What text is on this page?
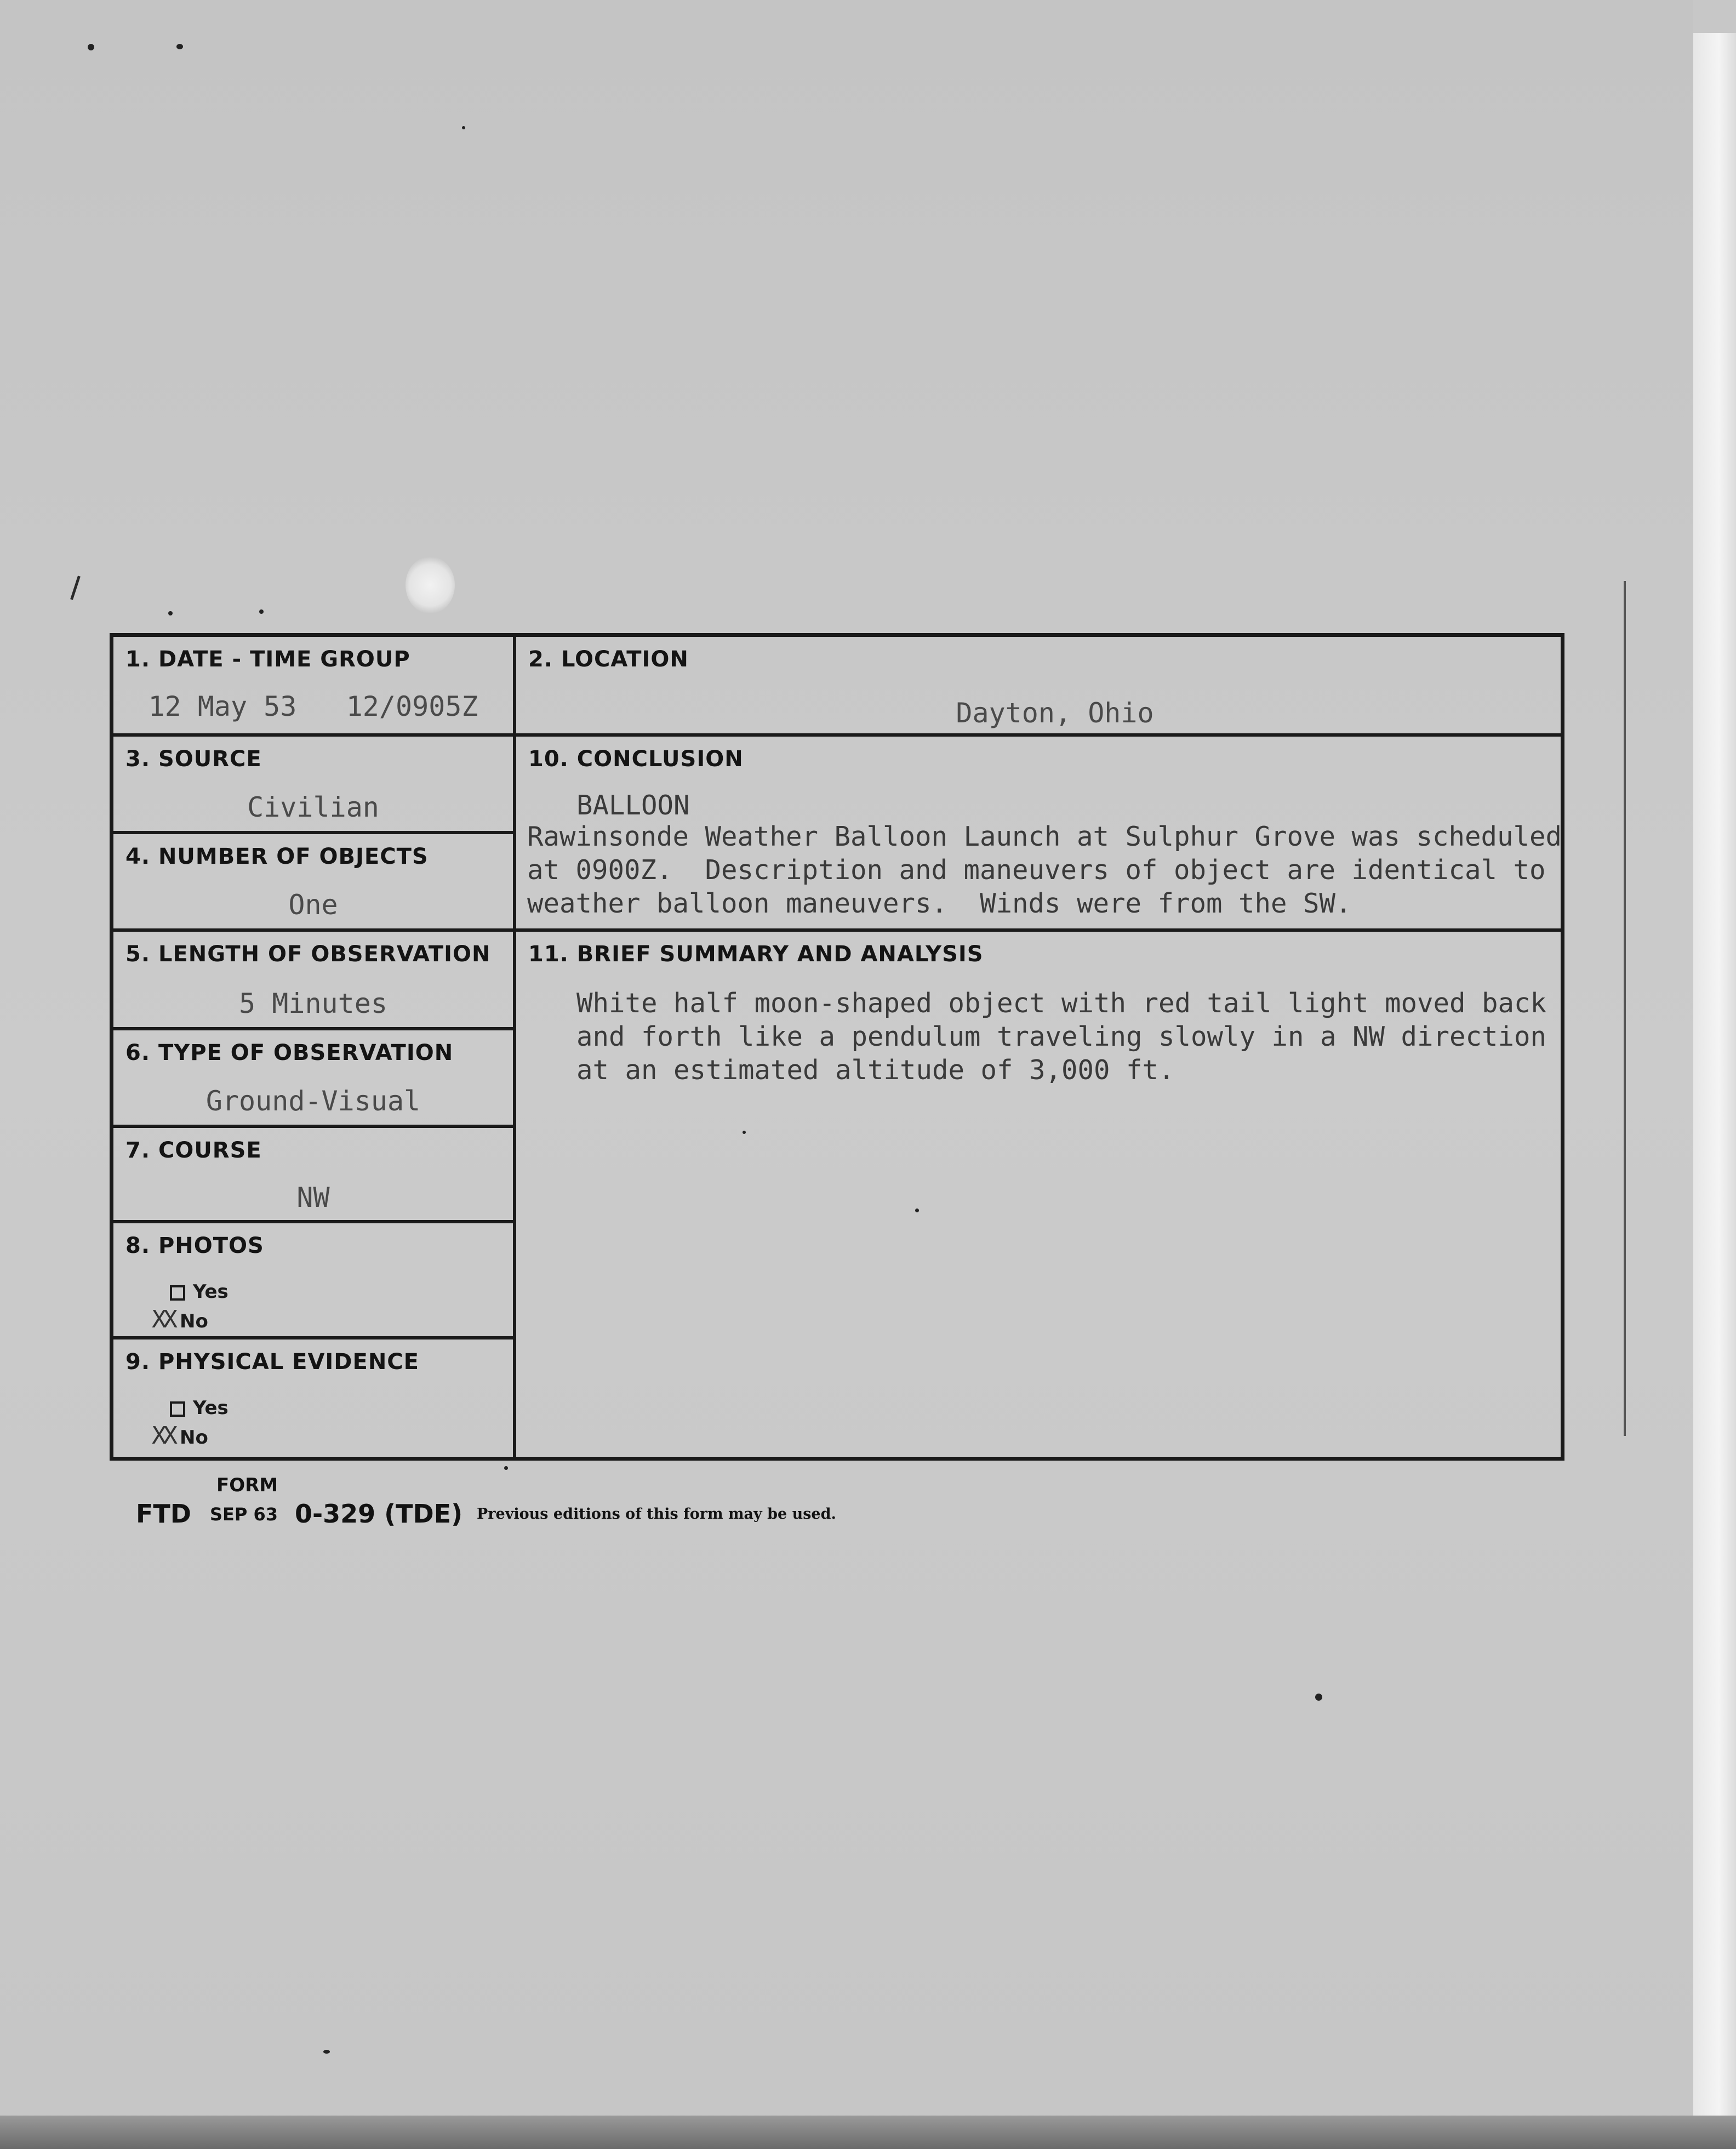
1. DATE - TIME GROUP
12 May 53   12/0905Z
3. SOURCE
Civilian
4. NUMBER OF OBJECTS
One
5. LENGTH OF OBSERVATION
5 Minutes
6. TYPE OF OBSERVATION
Ground-Visual
7. COURSE
NW
8. PHOTOS
Yes
XX No
9. PHYSICAL EVIDENCE
Yes
XX No
2. LOCATION
Dayton, Ohio
10. CONCLUSION
BALLOON
Rawinsonde Weather Balloon Launch at Sulphur Grove was scheduled
at 0900Z.  Description and maneuvers of object are identical to
weather balloon maneuvers.  Winds were from the SW.
11. BRIEF SUMMARY AND ANALYSIS
White half moon-shaped object with red tail light moved back
and forth like a pendulum traveling slowly in a NW direction
at an estimated altitude of 3,000 ft.
FORM
FTD SEP 63 0-329 (TDE) Previous editions of this form may be used.
